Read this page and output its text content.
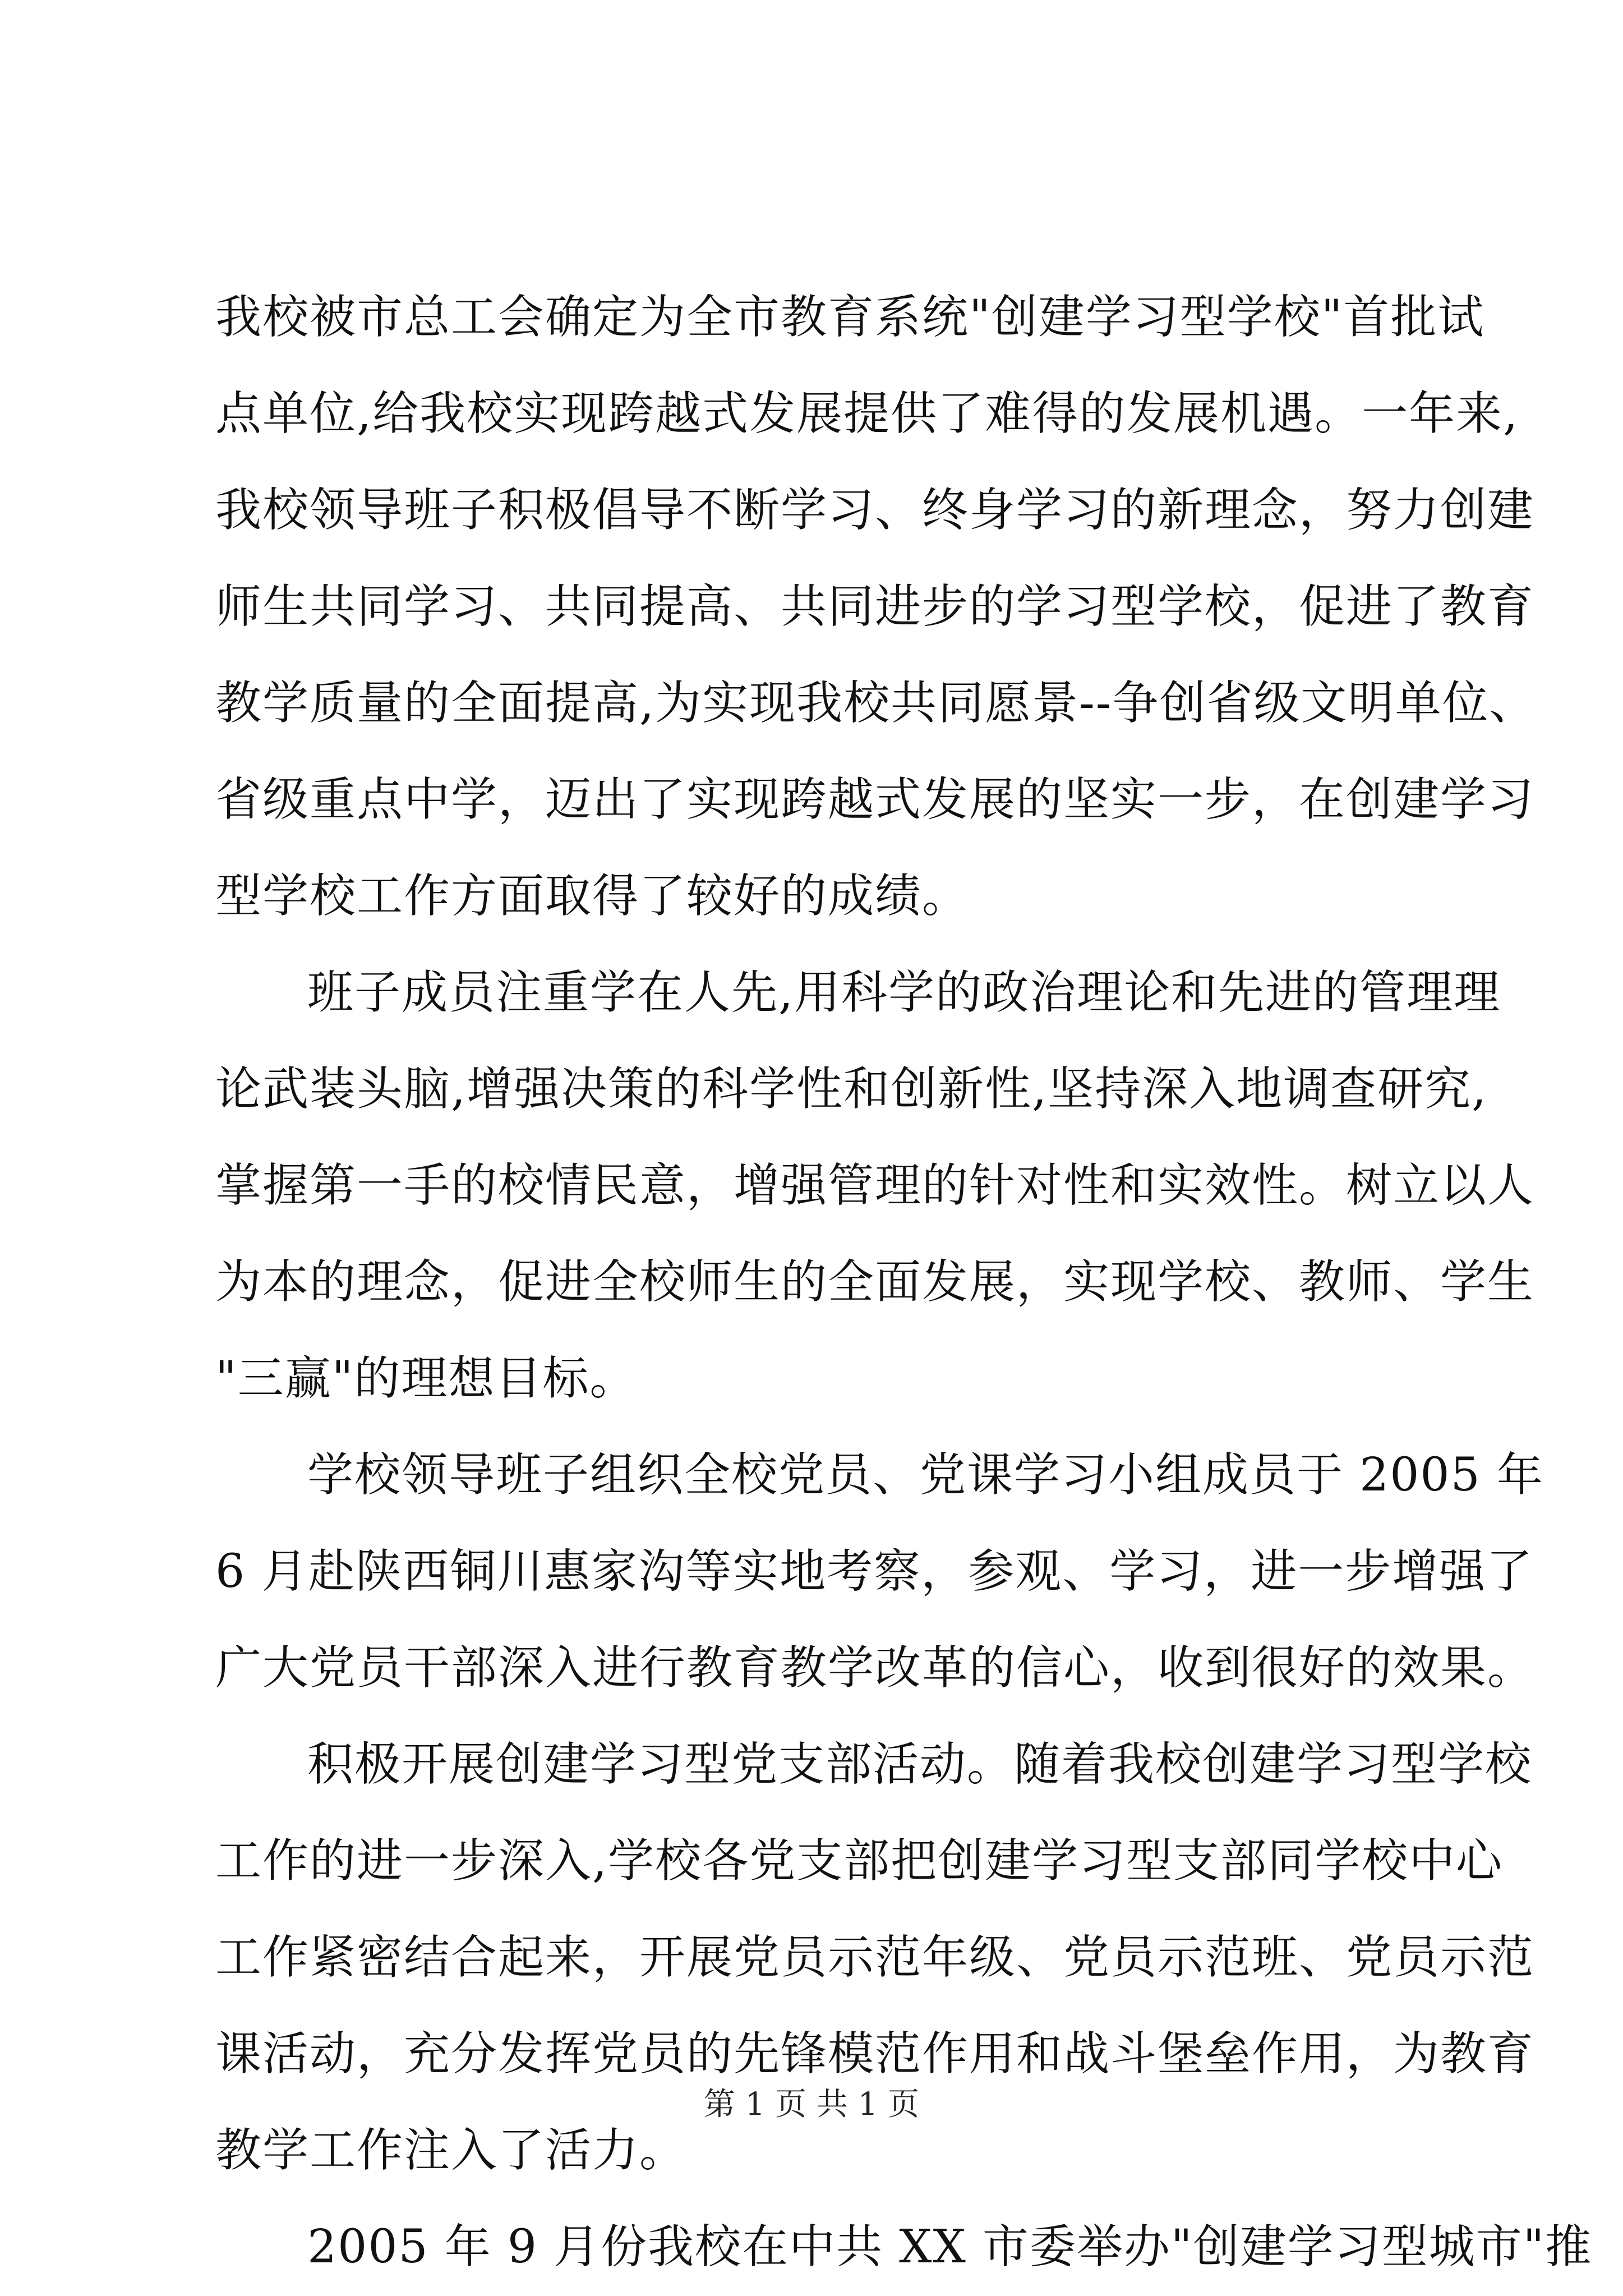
我校被市总工会确定为全市教育系统"创建学习型学校"首批试
点单位,给我校实现跨越式发展提供了难得的发展机遇。一年来,
我校领导班子积极倡导不断学习、终身学习的新理念，努力创建
师生共同学习、共同提高、共同进步的学习型学校，促进了教育
教学质量的全面提高,为实现我校共同愿景--争创省级文明单位、
省级重点中学，迈出了实现跨越式发展的坚实一步，在创建学习
型学校工作方面取得了较好的成绩。
班子成员注重学在人先,用科学的政治理论和先进的管理理
论武装头脑,增强决策的科学性和创新性,坚持深入地调查研究,
掌握第一手的校情民意，增强管理的针对性和实效性。树立以人
为本的理念，促进全校师生的全面发展，实现学校、教师、学生
"三赢"的理想目标。
学校领导班子组织全校党员、党课学习小组成员于 2005 年
6 月赴陕西铜川惠家沟等实地考察，参观、学习，进一步增强了
广大党员干部深入进行教育教学改革的信心，收到很好的效果。
积极开展创建学习型党支部活动。随着我校创建学习型学校
工作的进一步深入,学校各党支部把创建学习型支部同学校中心
工作紧密结合起来，开展党员示范年级、党员示范班、党员示范
课活动，充分发挥党员的先锋模范作用和战斗堡垒作用，为教育
教学工作注入了活力。
2005 年 9 月份我校在中共 XX 市委举办"创建学习型城市"推
第 1 页 共 1 页
